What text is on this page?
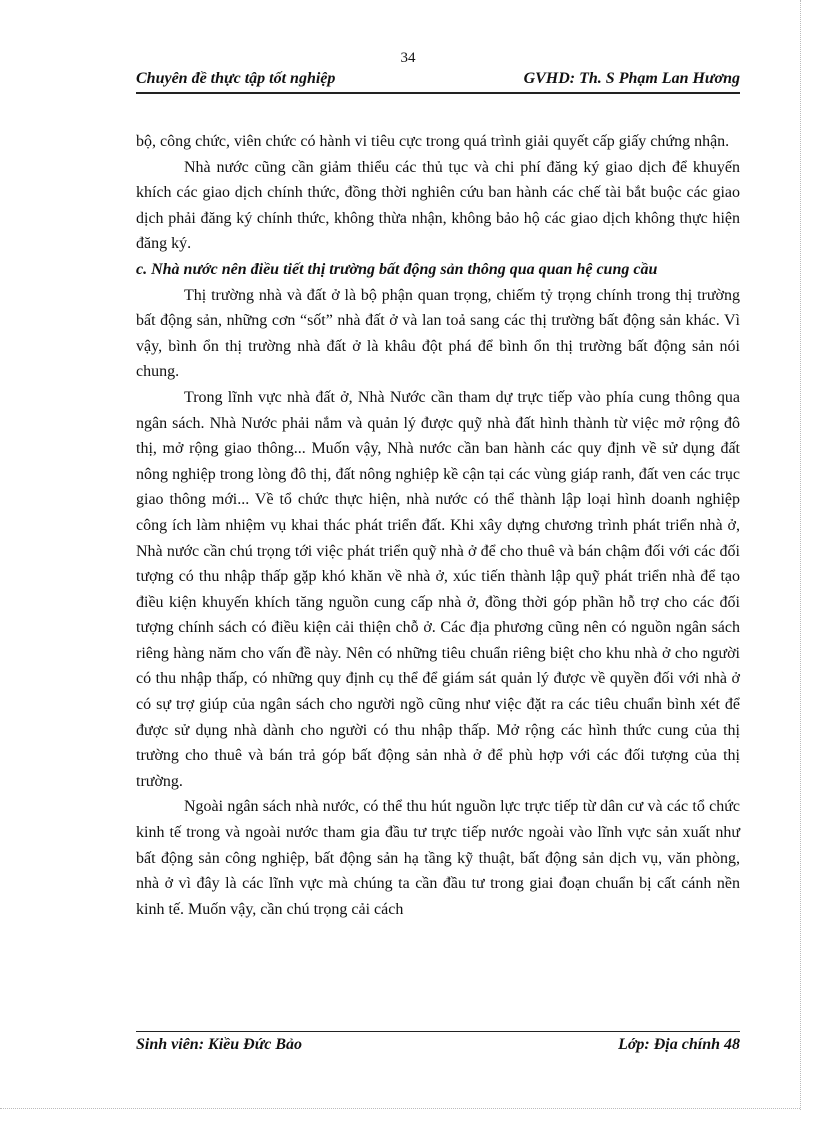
34
Chuyên đề thực tập tốt nghiệp	GVHD: Th. S Phạm Lan Hương

bộ, công chức, viên chức có hành vi tiêu cực trong quá trình giải quyết cấp giấy chứng nhận.

Nhà nước cũng cần giảm thiểu các thủ tục và chi phí đăng ký giao dịch để khuyến khích các giao dịch chính thức, đồng thời nghiên cứu ban hành các chế tài bắt buộc các giao dịch phải đăng ký chính thức, không thừa nhận, không bảo hộ các giao dịch không thực hiện đăng ký.

c. Nhà nước nên điều tiết thị trường bất động sản thông qua quan hệ cung cầu

Thị trường nhà và đất ở là bộ phận quan trọng, chiếm tỷ trọng chính trong thị trường bất động sản, những cơn “sốt” nhà đất ở và lan toả sang các thị trường bất động sản khác. Vì vậy, bình ổn thị trường nhà đất ở là khâu đột phá để bình ổn thị trường bất động sản nói chung.

Trong lĩnh vực nhà đất ở, Nhà Nước cần tham dự trực tiếp vào phía cung thông qua ngân sách. Nhà Nước phải nắm và quản lý được quỹ nhà đất hình thành từ việc mở rộng đô thị, mở rộng giao thông... Muốn vậy, Nhà nước cần ban hành các quy định về sử dụng đất nông nghiệp trong lòng đô thị, đất nông nghiệp kề cận tại các vùng giáp ranh, đất ven các trục giao thông mới... Về tổ chức thực hiện, nhà nước có thể thành lập loại hình doanh nghiệp công ích làm nhiệm vụ khai thác phát triển đất. Khi xây dựng chương trình phát triển nhà ở, Nhà nước cần chú trọng tới việc phát triển quỹ nhà ở để cho thuê và bán chậm đối với các đối tượng có thu nhập thấp gặp khó khăn về nhà ở, xúc tiến thành lập quỹ phát triển nhà để tạo điều kiện khuyến khích tăng nguồn cung cấp nhà ở, đồng thời góp phần hỗ trợ cho các đối tượng chính sách có điều kiện cải thiện chỗ ở. Các địa phương cũng nên có nguồn ngân sách riêng hàng năm cho vấn đề này. Nên có những tiêu chuẩn riêng biệt cho khu nhà ở cho người có thu nhập thấp, có những quy định cụ thể để giám sát quản lý được về quyền đối với nhà ở có sự trợ giúp của ngân sách cho người ngồ cũng như việc đặt ra các tiêu chuẩn bình xét để được sử dụng nhà dành cho người có thu nhập thấp. Mở rộng các hình thức cung của thị trường cho thuê và bán trả góp bất động sản nhà ở để phù hợp với các đối tượng của thị trường.

Ngoài ngân sách nhà nước, có thể thu hút nguồn lực trực tiếp từ dân cư và các tổ chức kinh tế trong và ngoài nước tham gia đầu tư trực tiếp nước ngoài vào lĩnh vực sản xuất như bất động sản công nghiệp, bất động sản hạ tầng kỹ thuật, bất động sản dịch vụ, văn phòng, nhà ở vì đây là các lĩnh vực mà chúng ta cần đầu tư trong giai đoạn chuẩn bị cất cánh nền kinh tế. Muốn vậy, cần chú trọng cải cách

Sinh viên: Kiều Đức Bảo	Lớp: Địa chính 48
